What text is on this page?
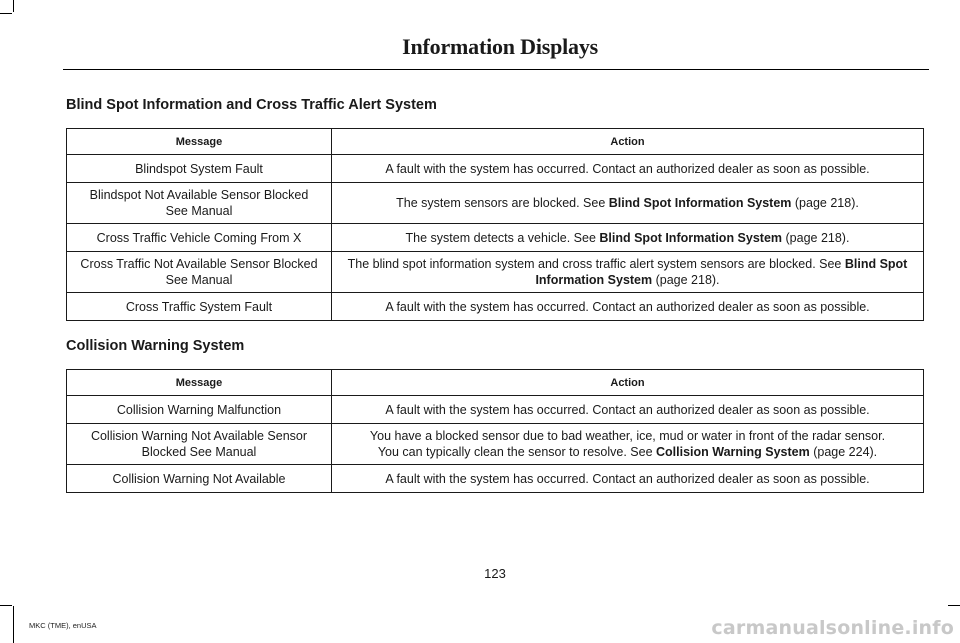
Information Displays
Blind Spot Information and Cross Traffic Alert System
Message	Action
Blindspot System Fault	A fault with the system has occurred. Contact an authorized dealer as soon as possible.
Blindspot Not Available Sensor Blocked
See Manual	The system sensors are blocked. See Blind Spot Information System (page 218).
Cross Traffic Vehicle Coming From X	The system detects a vehicle. See Blind Spot Information System (page 218).
Cross Traffic Not Available Sensor Blocked
See Manual	The blind spot information system and cross traffic alert system sensors are blocked. See Blind Spot Information System (page 218).
Cross Traffic System Fault	A fault with the system has occurred. Contact an authorized dealer as soon as possible.
Collision Warning System
Message	Action
Collision Warning Malfunction	A fault with the system has occurred. Contact an authorized dealer as soon as possible.
Collision Warning Not Available Sensor
Blocked See Manual	You have a blocked sensor due to bad weather, ice, mud or water in front of the radar sensor.
You can typically clean the sensor to resolve. See Collision Warning System (page 224).
Collision Warning Not Available	A fault with the system has occurred. Contact an authorized dealer as soon as possible.
123
MKC (TME), enUSA	carmanualsonline.info
